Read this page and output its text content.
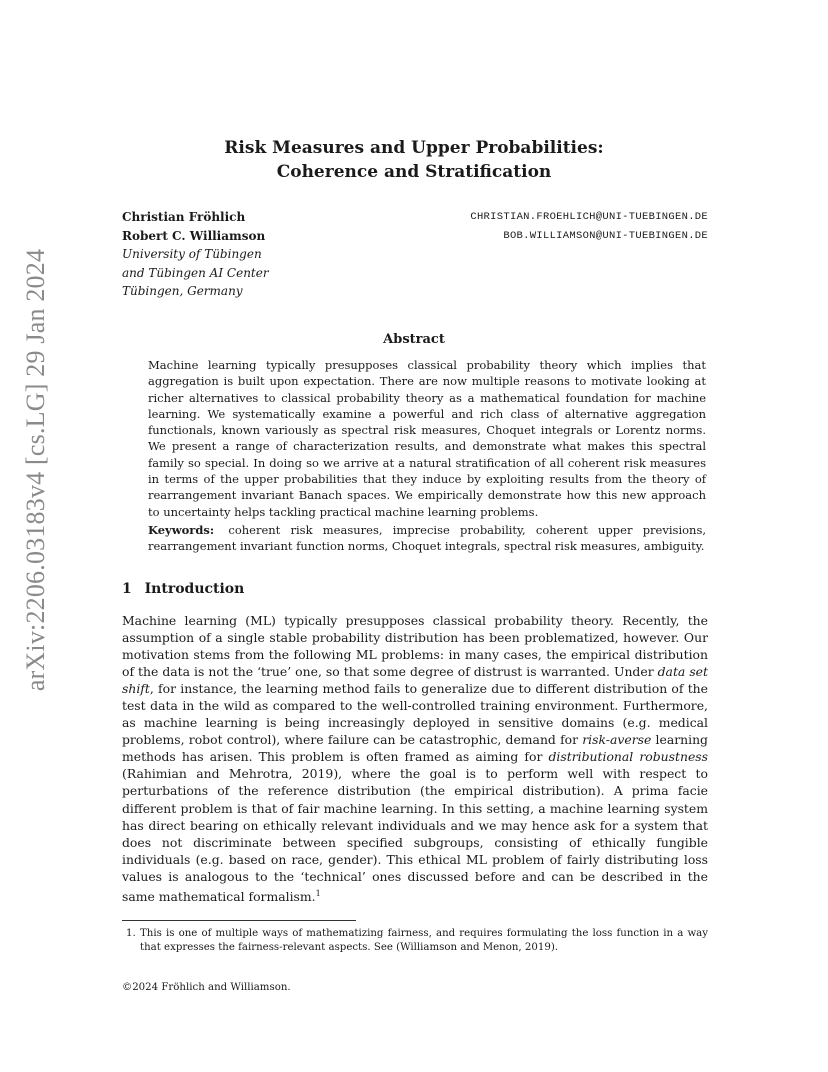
arXiv:2206.03183v4 [cs.LG] 29 Jan 2024
Risk Measures and Upper Probabilities:
Coherence and Stratification
Christian Fröhlich	CHRISTIAN.FROEHLICH@UNI-TUEBINGEN.DE
Robert C. Williamson	BOB.WILLIAMSON@UNI-TUEBINGEN.DE
University of Tübingen
and Tübingen AI Center
Tübingen, Germany
Abstract
Machine learning typically presupposes classical probability theory which implies that aggregation is built upon expectation. There are now multiple reasons to motivate looking at richer alternatives to classical probability theory as a mathematical foundation for machine learning. We systematically examine a powerful and rich class of alternative aggregation functionals, known variously as spectral risk measures, Choquet integrals or Lorentz norms. We present a range of characterization results, and demonstrate what makes this spectral family so special. In doing so we arrive at a natural stratification of all coherent risk measures in terms of the upper probabilities that they induce by exploiting results from the theory of rearrangement invariant Banach spaces. We empirically demonstrate how this new approach to uncertainty helps tackling practical machine learning problems.
Keywords: coherent risk measures, imprecise probability, coherent upper previsions, rearrangement invariant function norms, Choquet integrals, spectral risk measures, ambiguity.
1 Introduction
Machine learning (ML) typically presupposes classical probability theory. Recently, the assumption of a single stable probability distribution has been problematized, however. Our motivation stems from the following ML problems: in many cases, the empirical distribution of the data is not the ‘true’ one, so that some degree of distrust is warranted. Under data set shift, for instance, the learning method fails to generalize due to different distribution of the test data in the wild as compared to the well-controlled training environment. Furthermore, as machine learning is being increasingly deployed in sensitive domains (e.g. medical problems, robot control), where failure can be catastrophic, demand for risk-averse learning methods has arisen. This problem is often framed as aiming for distributional robustness (Rahimian and Mehrotra, 2019), where the goal is to perform well with respect to perturbations of the reference distribution (the empirical distribution). A prima facie different problem is that of fair machine learning. In this setting, a machine learning system has direct bearing on ethically relevant individuals and we may hence ask for a system that does not discriminate between specified subgroups, consisting of ethically fungible individuals (e.g. based on race, gender). This ethical ML problem of fairly distributing loss values is analogous to the ‘technical’ ones discussed before and can be described in the same mathematical formalism.$^1$
1. This is one of multiple ways of mathematizing fairness, and requires formulating the loss function in a way that expresses the fairness-relevant aspects. See (Williamson and Menon, 2019).
©2024 Fröhlich and Williamson.
